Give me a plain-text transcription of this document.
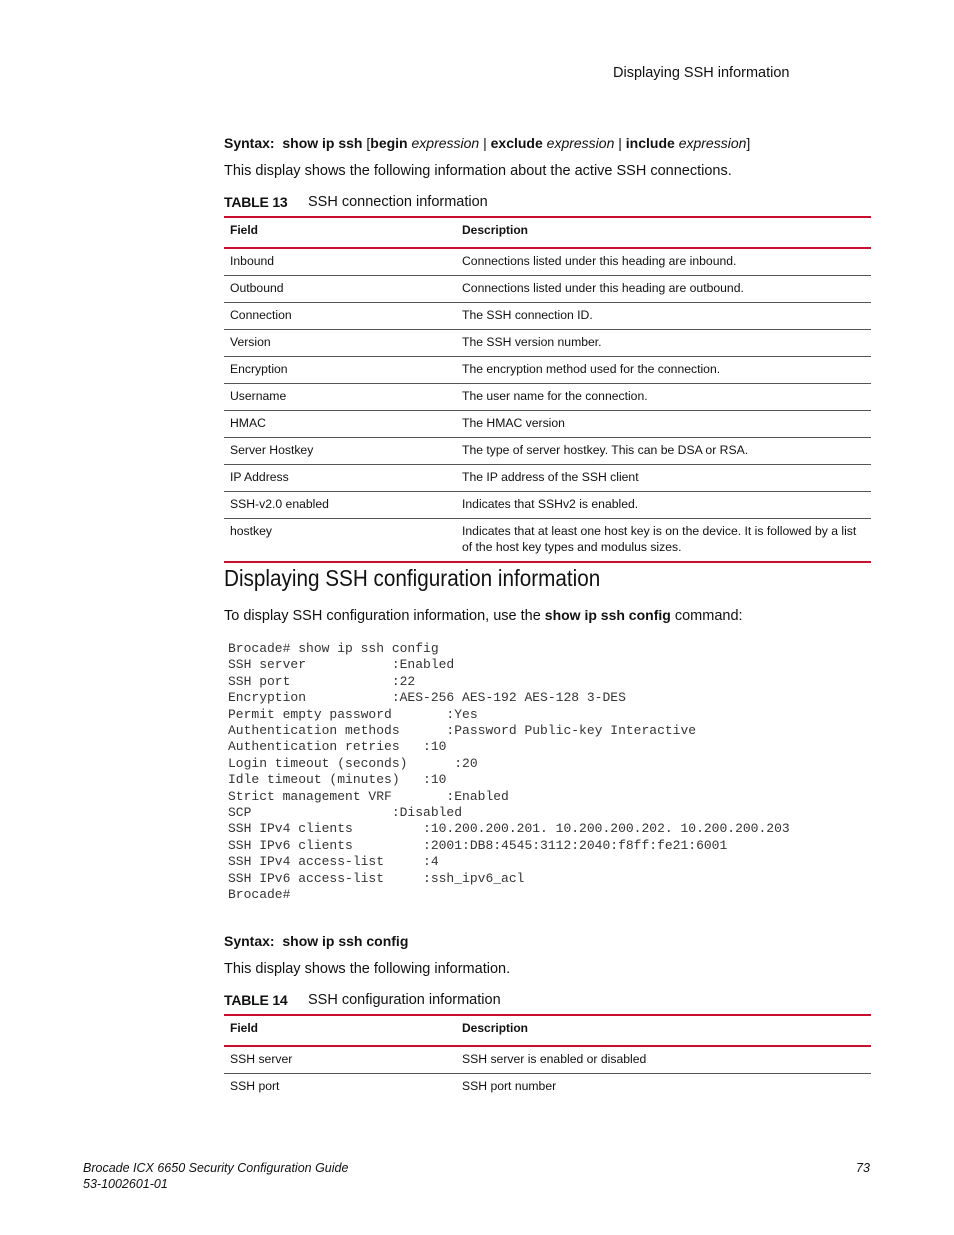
Displaying SSH information
Syntax: show ip ssh [begin expression | exclude expression | include expression]
This display shows the following information about the active SSH connections.
TABLE 13 SSH connection information
Field	Description
Inbound	Connections listed under this heading are inbound.
Outbound	Connections listed under this heading are outbound.
Connection	The SSH connection ID.
Version	The SSH version number.
Encryption	The encryption method used for the connection.
Username	The user name for the connection.
HMAC	The HMAC version
Server Hostkey	The type of server hostkey. This can be DSA or RSA.
IP Address	The IP address of the SSH client
SSH-v2.0 enabled	Indicates that SSHv2 is enabled.
hostkey	Indicates that at least one host key is on the device. It is followed by a list of the host key types and modulus sizes.
Displaying SSH configuration information
To display SSH configuration information, use the show ip ssh config command:
Brocade# show ip ssh config
SSH server           :Enabled
SSH port             :22
Encryption           :AES-256 AES-192 AES-128 3-DES
Permit empty password       :Yes
Authentication methods      :Password Public-key Interactive
Authentication retries   :10
Login timeout (seconds)      :20
Idle timeout (minutes)   :10
Strict management VRF       :Enabled
SCP                  :Disabled
SSH IPv4 clients         :10.200.200.201. 10.200.200.202. 10.200.200.203
SSH IPv6 clients         :2001:DB8:4545:3112:2040:f8ff:fe21:6001
SSH IPv4 access-list     :4
SSH IPv6 access-list     :ssh_ipv6_acl
Brocade#
Syntax: show ip ssh config
This display shows the following information.
TABLE 14 SSH configuration information
Field	Description
SSH server	SSH server is enabled or disabled
SSH port	SSH port number
Brocade ICX 6650 Security Configuration Guide
53-1002601-01
73
